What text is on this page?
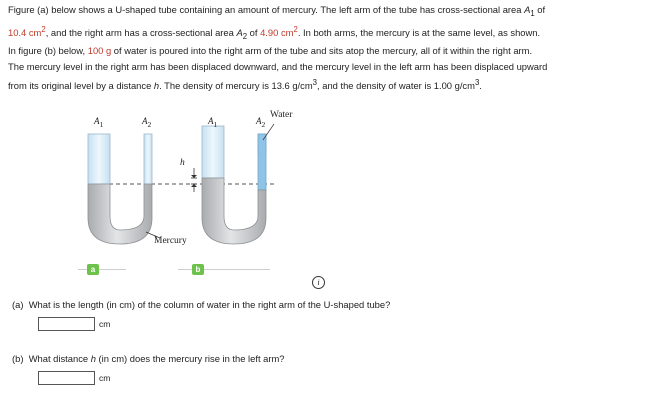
Figure (a) below shows a U-shaped tube containing an amount of mercury. The left arm of the tube has cross-sectional area $A_1$ of
10.4 $cm^2$, and the right arm has a cross-sectional area $A_2$ of 4.90 $cm^2$. In both arms, the mercury is at the same level, as shown.
In figure (b) below, 100 g of water is poured into the right arm of the tube and sits atop the mercury, all of it within the right arm.
The mercury level in the right arm has been displaced downward, and the mercury level in the left arm has been displaced upward
from its original level by a distance h. The density of mercury is 13.6 $g/cm^3$, and the density of water is 1.00 $g/cm^3$.
$A_1$	$A_2$	$A_1$	$A_2$
Water
h
Mercury
a	b
i
(a) What is the length (in cm) of the column of water in the right arm of the U-shaped tube?
cm
(b) What distance h (in cm) does the mercury rise in the left arm?
cm
